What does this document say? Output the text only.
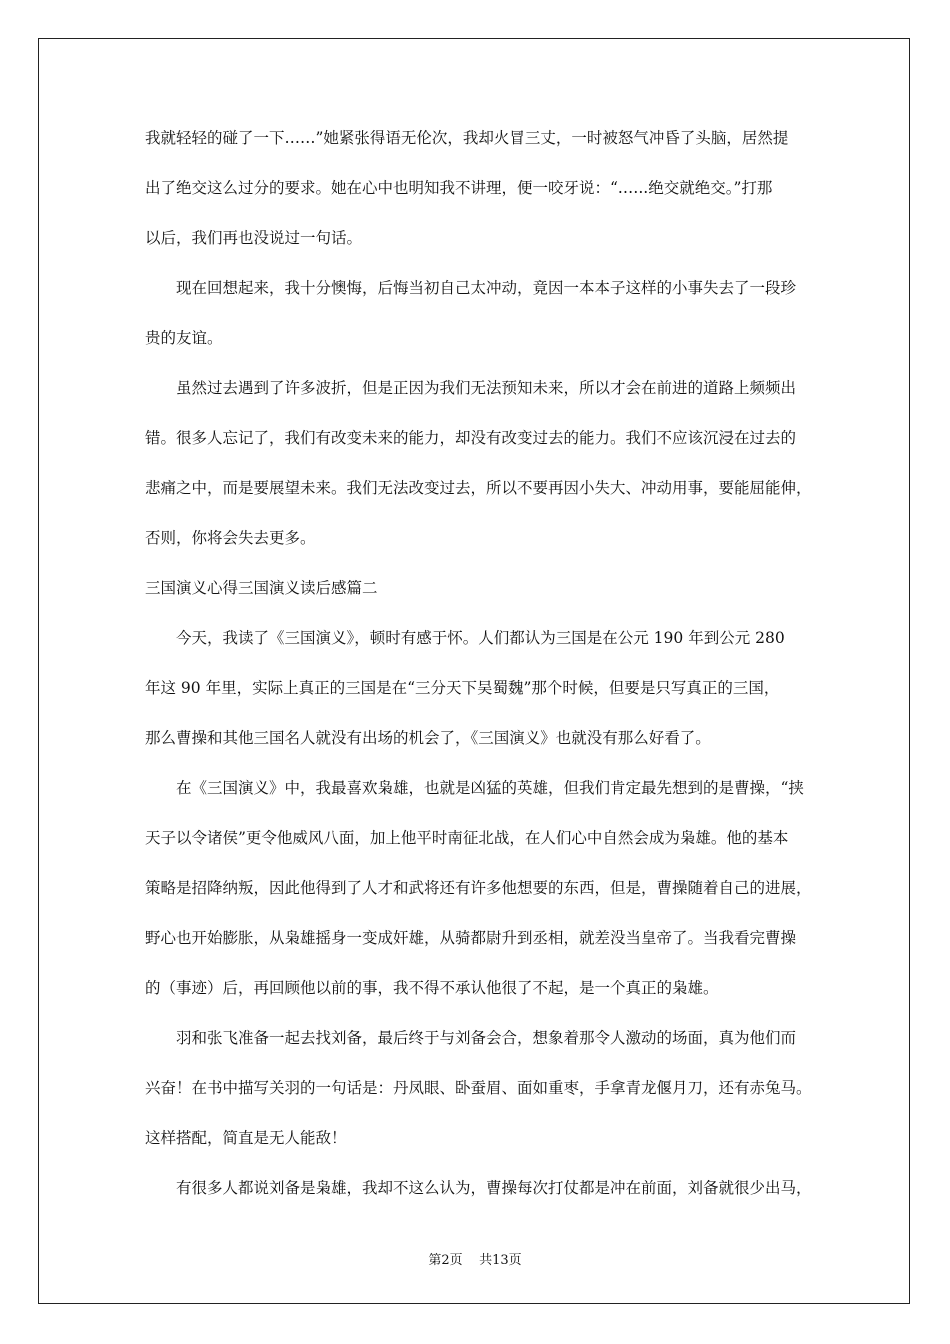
我就轻轻的碰了一下……”她紧张得语无伦次，我却火冒三丈，一时被怒气冲昏了头脑，居然提
出了绝交这么过分的要求。她在心中也明知我不讲理，便一咬牙说：“.…..绝交就绝交。”打那
以后，我们再也没说过一句话。
　　现在回想起来，我十分懊悔，后悔当初自己太冲动，竟因一本本子这样的小事失去了一段珍
贵的友谊。
　　虽然过去遇到了许多波折，但是正因为我们无法预知未来，所以才会在前进的道路上频频出
错。很多人忘记了，我们有改变未来的能力，却没有改变过去的能力。我们不应该沉浸在过去的
悲痛之中，而是要展望未来。我们无法改变过去，所以不要再因小失大、冲动用事，要能屈能伸，
否则，你将会失去更多。
三国演义心得三国演义读后感篇二
　　今天，我读了《三国演义》，顿时有感于怀。人们都认为三国是在公元 190 年到公元 280
年这 90 年里，实际上真正的三国是在“三分天下吴蜀魏”那个时候，但要是只写真正的三国，
那么曹操和其他三国名人就没有出场的机会了，《三国演义》也就没有那么好看了。
　　在《三国演义》中，我最喜欢枭雄，也就是凶猛的英雄，但我们肯定最先想到的是曹操，“挟
天子以令诸侯”更令他威风八面，加上他平时南征北战，在人们心中自然会成为枭雄。他的基本
策略是招降纳叛，因此他得到了人才和武将还有许多他想要的东西，但是，曹操随着自己的进展，
野心也开始膨胀，从枭雄摇身一变成奸雄，从骑都尉升到丞相，就差没当皇帝了。当我看完曹操
的（事迹）后，再回顾他以前的事，我不得不承认他很了不起，是一个真正的枭雄。
　　羽和张飞准备一起去找刘备，最后终于与刘备会合，想象着那令人激动的场面，真为他们而
兴奋！在书中描写关羽的一句话是：丹凤眼、卧蚕眉、面如重枣，手拿青龙偃月刀，还有赤兔马。
这样搭配，简直是无人能敌！
　　有很多人都说刘备是枭雄，我却不这么认为，曹操每次打仗都是冲在前面，刘备就很少出马，
第2页 共13页
